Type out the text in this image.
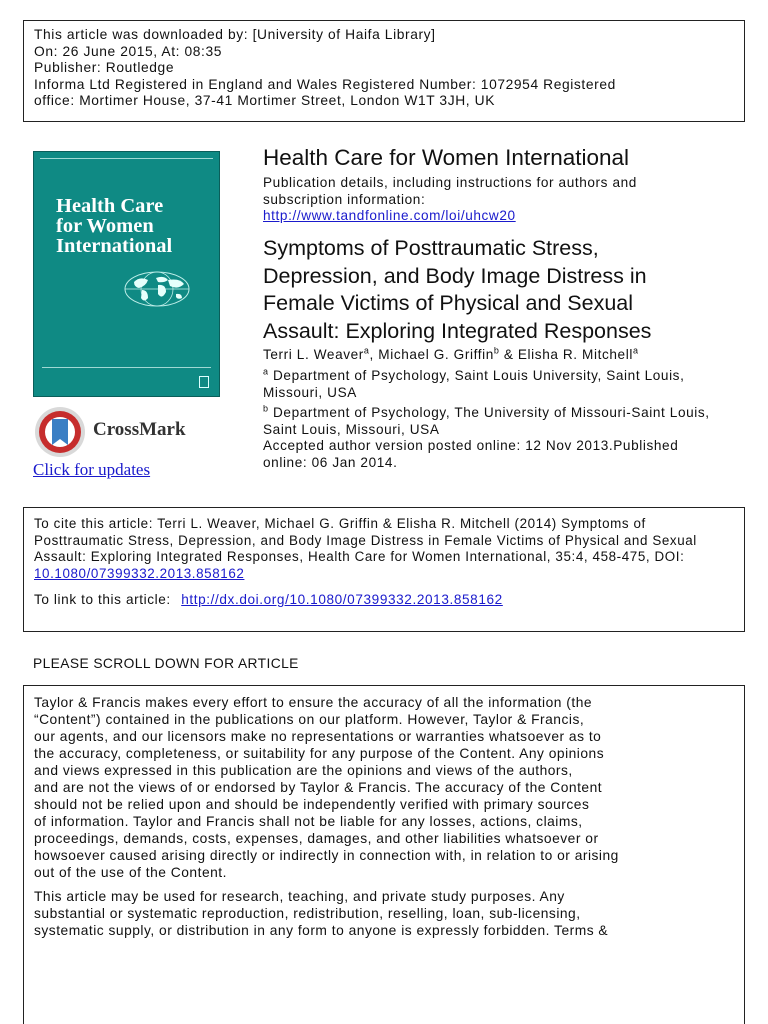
This article was downloaded by: [University of Haifa Library]
On: 26 June 2015, At: 08:35
Publisher: Routledge
Informa Ltd Registered in England and Wales Registered Number: 1072954 Registered
office: Mortimer House, 37-41 Mortimer Street, London W1T 3JH, UK
Health Care
for Women
International
CrossMark
Click for updates
Health Care for Women International
Publication details, including instructions for authors and
subscription information:
http://www.tandfonline.com/loi/uhcw20
Symptoms of Posttraumatic Stress,
Depression, and Body Image Distress in
Female Victims of Physical and Sexual
Assault: Exploring Integrated Responses
Terri L. Weaver$^a$, Michael G. Griffin$^b$ & Elisha R. Mitchell$^a$
$^a$ Department of Psychology, Saint Louis University, Saint Louis,
Missouri, USA
$^b$ Department of Psychology, The University of Missouri-Saint Louis,
Saint Louis, Missouri, USA
Accepted author version posted online: 12 Nov 2013.Published
online: 06 Jan 2014.
To cite this article: Terri L. Weaver, Michael G. Griffin & Elisha R. Mitchell (2014) Symptoms of
Posttraumatic Stress, Depression, and Body Image Distress in Female Victims of Physical and Sexual
Assault: Exploring Integrated Responses, Health Care for Women International, 35:4, 458-475, DOI:
10.1080/07399332.2013.858162
To link to this article: http://dx.doi.org/10.1080/07399332.2013.858162
PLEASE SCROLL DOWN FOR ARTICLE
Taylor & Francis makes every effort to ensure the accuracy of all the information (the
“Content”) contained in the publications on our platform. However, Taylor & Francis,
our agents, and our licensors make no representations or warranties whatsoever as to
the accuracy, completeness, or suitability for any purpose of the Content. Any opinions
and views expressed in this publication are the opinions and views of the authors,
and are not the views of or endorsed by Taylor & Francis. The accuracy of the Content
should not be relied upon and should be independently verified with primary sources
of information. Taylor and Francis shall not be liable for any losses, actions, claims,
proceedings, demands, costs, expenses, damages, and other liabilities whatsoever or
howsoever caused arising directly or indirectly in connection with, in relation to or arising
out of the use of the Content.
This article may be used for research, teaching, and private study purposes. Any
substantial or systematic reproduction, redistribution, reselling, loan, sub-licensing,
systematic supply, or distribution in any form to anyone is expressly forbidden. Terms &
